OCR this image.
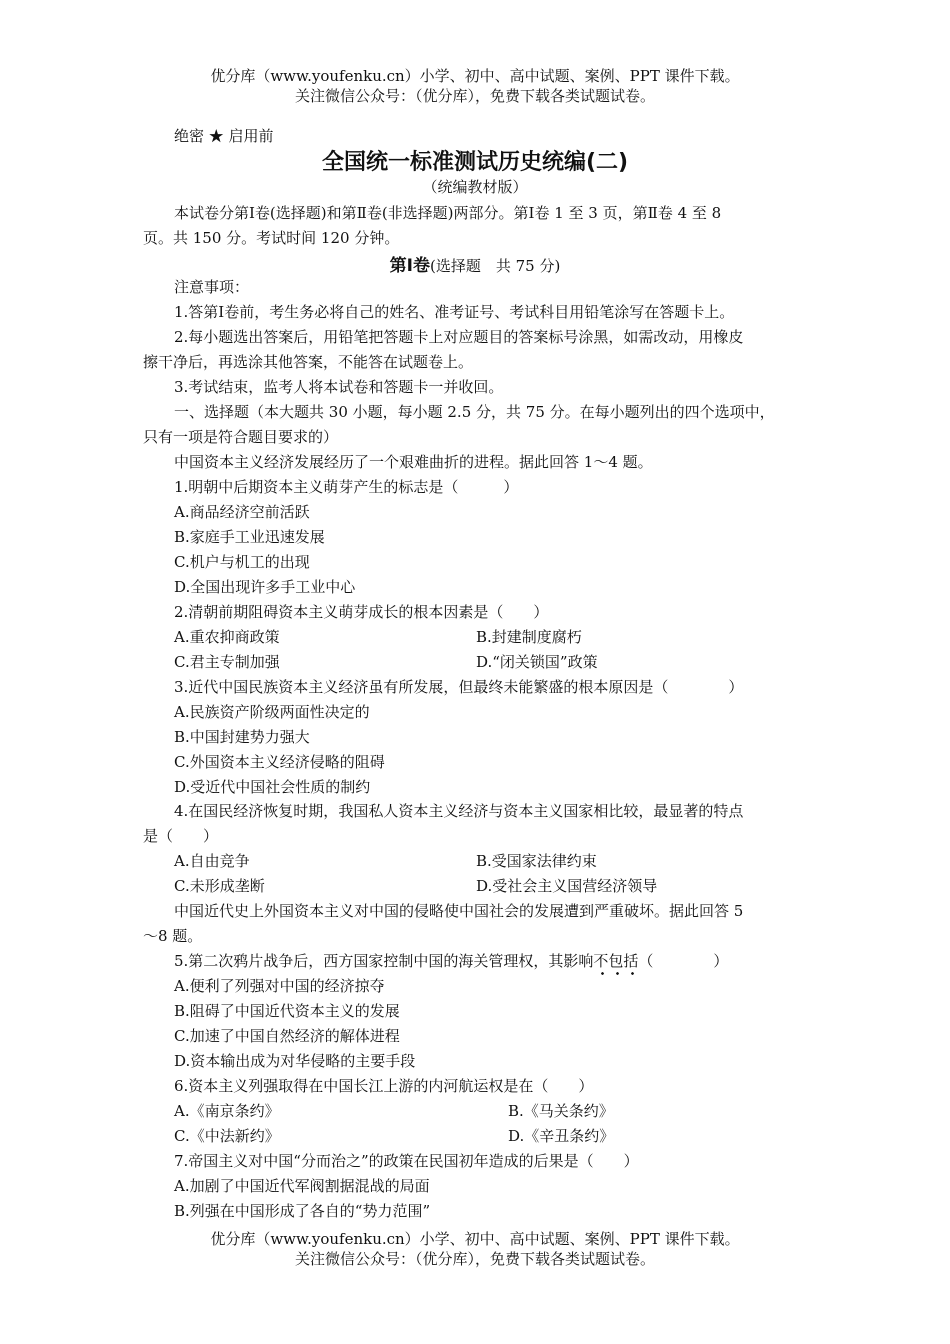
优分库（www.youfenku.cn）小学、初中、高中试题、案例、PPT 课件下载。
关注微信公众号：（优分库），免费下载各类试题试卷。
绝密 ★ 启用前
全国统一标准测试历史统编(二)
（统编教材版）
本试卷分第Ⅰ卷(选择题)和第Ⅱ卷(非选择题)两部分。第Ⅰ卷 1 至 3 页，第Ⅱ卷 4 至 8
页。共 150 分。考试时间 120 分钟。
第Ⅰ卷(选择题　共 75 分)
注意事项：
1.答第Ⅰ卷前，考生务必将自己的姓名、准考证号、考试科目用铅笔涂写在答题卡上。
2.每小题选出答案后，用铅笔把答题卡上对应题目的答案标号涂黑，如需改动，用橡皮
擦干净后，再选涂其他答案，不能答在试题卷上。
3.考试结束，监考人将本试卷和答题卡一并收回。
一、选择题（本大题共 30 小题，每小题 2.5 分，共 75 分。在每小题列出的四个选项中，
只有一项是符合题目要求的）
中国资本主义经济发展经历了一个艰难曲折的进程。据此回答 1～4 题。
1.明朝中后期资本主义萌芽产生的标志是（　　　）
A.商品经济空前活跃
B.家庭手工业迅速发展
C.机户与机工的出现
D.全国出现许多手工业中心
2.清朝前期阻碍资本主义萌芽成长的根本因素是（　　）
A.重农抑商政策	B.封建制度腐朽
C.君主专制加强	D.“闭关锁国”政策
3.近代中国民族资本主义经济虽有所发展，但最终未能繁盛的根本原因是（　　　　）
A.民族资产阶级两面性决定的
B.中国封建势力强大
C.外国资本主义经济侵略的阻碍
D.受近代中国社会性质的制约
4.在国民经济恢复时期，我国私人资本主义经济与资本主义国家相比较，最显著的特点
是（　　）
A.自由竞争	B.受国家法律约束
C.未形成垄断	D.受社会主义国营经济领导
中国近代史上外国资本主义对中国的侵略使中国社会的发展遭到严重破坏。据此回答 5
～8 题。
5.第二次鸦片战争后，西方国家控制中国的海关管理权，其影响不包括（　　　　）
A.便利了列强对中国的经济掠夺
B.阻碍了中国近代资本主义的发展
C.加速了中国自然经济的解体进程
D.资本输出成为对华侵略的主要手段
6.资本主义列强取得在中国长江上游的内河航运权是在（　　）
A.《南京条约》	B.《马关条约》
C.《中法新约》	D.《辛丑条约》
7.帝国主义对中国“分而治之”的政策在民国初年造成的后果是（　　）
A.加剧了中国近代军阀割据混战的局面
B.列强在中国形成了各自的“势力范围”
优分库（www.youfenku.cn）小学、初中、高中试题、案例、PPT 课件下载。
关注微信公众号：（优分库），免费下载各类试题试卷。
